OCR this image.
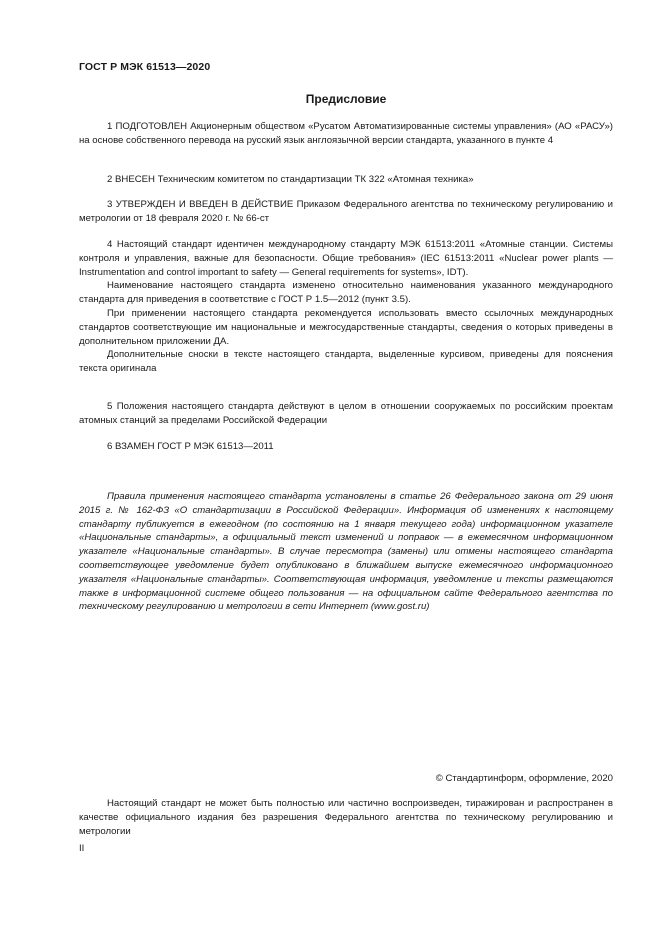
ГОСТ Р МЭК 61513—2020
Предисловие

1 ПОДГОТОВЛЕН Акционерным обществом «Русатом Автоматизированные системы управления» (АО «РАСУ») на основе собственного перевода на русский язык англоязычной версии стандарта, указанного в пункте 4

2 ВНЕСЕН Техническим комитетом по стандартизации ТК 322 «Атомная техника»

3 УТВЕРЖДЕН И ВВЕДЕН В ДЕЙСТВИЕ Приказом Федерального агентства по техническому регулированию и метрологии от 18 февраля 2020 г. № 66-ст

4 Настоящий стандарт идентичен международному стандарту МЭК 61513:2011 «Атомные станции. Системы контроля и управления, важные для безопасности. Общие требования» (IEC 61513:2011 «Nuclear power plants — Instrumentation and control important to safety — General requirements for systems», IDT).

Наименование настоящего стандарта изменено относительно наименования указанного международного стандарта для приведения в соответствие с ГОСТ Р 1.5—2012 (пункт 3.5).

При применении настоящего стандарта рекомендуется использовать вместо ссылочных международных стандартов соответствующие им национальные и межгосударственные стандарты, сведения о которых приведены в дополнительном приложении ДА.

Дополнительные сноски в тексте настоящего стандарта, выделенные курсивом, приведены для пояснения текста оригинала

5 Положения настоящего стандарта действуют в целом в отношении сооружаемых по российским проектам атомных станций за пределами Российской Федерации

6 ВЗАМЕН ГОСТ Р МЭК 61513—2011

Правила применения настоящего стандарта установлены в статье 26 Федерального закона от 29 июня 2015 г. № 162-ФЗ «О стандартизации в Российской Федерации». Информация об изменениях к настоящему стандарту публикуется в ежегодном (по состоянию на 1 января текущего года) информационном указателе «Национальные стандарты», а официальный текст изменений и поправок — в ежемесячном информационном указателе «Национальные стандарты». В случае пересмотра (замены) или отмены настоящего стандарта соответствующее уведомление будет опубликовано в ближайшем выпуске ежемесячного информационного указателя «Национальные стандарты». Соответствующая информация, уведомление и тексты размещаются также в информационной системе общего пользования — на официальном сайте Федерального агентства по техническому регулированию и метрологии в сети Интернет (www.gost.ru)

© Стандартинформ, оформление, 2020

Настоящий стандарт не может быть полностью или частично воспроизведен, тиражирован и распространен в качестве официального издания без разрешения Федерального агентства по техническому регулированию и метрологии

II
